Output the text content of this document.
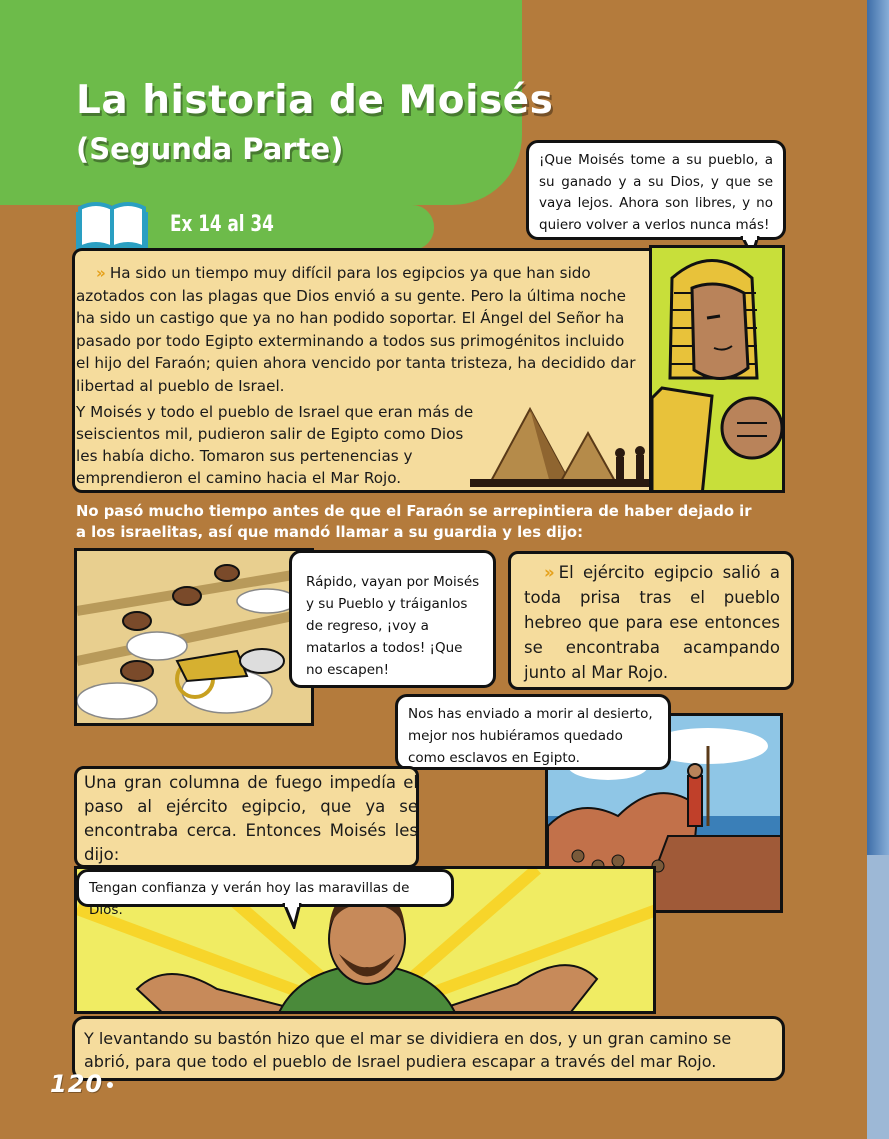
La historia de Moisés
(Segunda Parte)
Ex 14 al 34
¡Que Moisés tome a su pueblo, a su ganado y a su Dios, y que se vaya lejos. Ahora son libres, y no quiero volver a verlos nunca más!
» Ha sido un tiempo muy difícil para los egipcios ya que han sido azotados con las plagas que Dios envió a su gente. Pero la última noche ha sido un castigo que ya no han podido soportar. El Ángel del Señor ha pasado por todo Egipto exterminando a todos sus primogénitos incluido el hijo del Faraón; quien ahora vencido por tanta tristeza, ha decidido dar libertad al pueblo de Israel.
Y Moisés y todo el pueblo de Israel que eran más de seiscientos mil, pudieron salir de Egipto como Dios les había dicho. Tomaron sus pertenencias y emprendieron el camino hacia el Mar Rojo.
No pasó mucho tiempo antes de que el Faraón se arrepintiera de haber dejado ir a los israelitas, así que mandó llamar a su guardia y les dijo:
Rápido, vayan por Moisés y su Pueblo y tráiganlos de regreso, ¡voy a matarlos a todos! ¡Que no escapen!
» El ejército egipcio salió a toda prisa tras el pueblo hebreo que para ese entonces se encontraba acampando junto al Mar Rojo.
Nos has enviado a morir al desierto, mejor nos hubiéramos quedado como esclavos en Egipto.
Una gran columna de fuego impedía el paso al ejército egipcio, que ya se encontraba cerca. Entonces Moisés les dijo:
Tengan confianza y verán hoy las maravillas de Dios.
Y levantando su bastón hizo que el mar se dividiera en dos, y un gran camino se abrió, para que todo el pueblo de Israel pudiera escapar a través del mar Rojo.
120
